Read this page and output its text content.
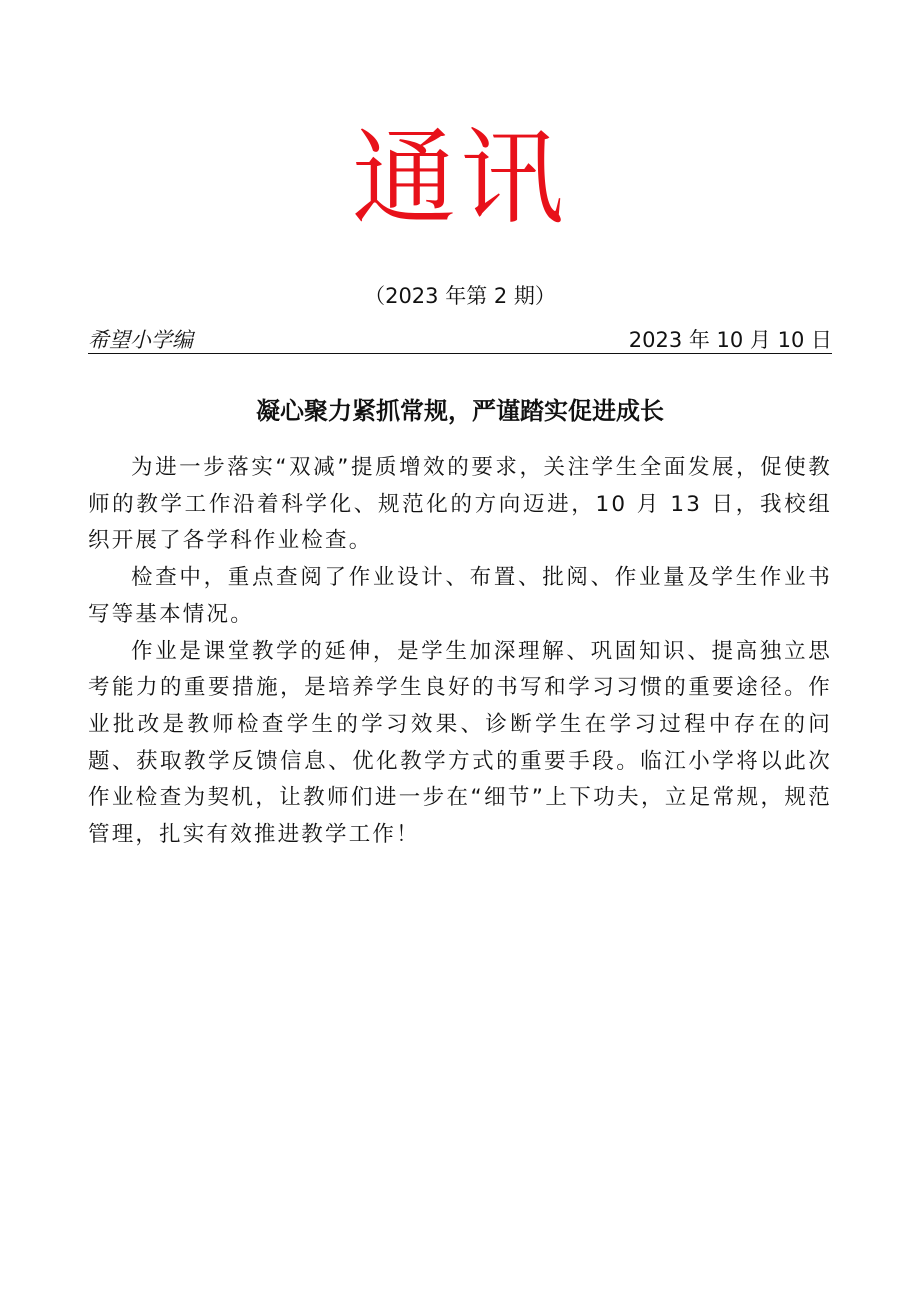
通讯
（2023 年第 2 期）
希望小学编	2023 年 10 月 10 日
凝心聚力紧抓常规，严谨踏实促进成长

为进一步落实“双减”提质增效的要求，关注学生全面发展，促使教师的教学工作沿着科学化、规范化的方向迈进，10 月 13 日，我校组织开展了各学科作业检查。

检查中，重点查阅了作业设计、布置、批阅、作业量及学生作业书写等基本情况。

作业是课堂教学的延伸，是学生加深理解、巩固知识、提高独立思考能力的重要措施，是培养学生良好的书写和学习习惯的重要途径。作业批改是教师检查学生的学习效果、诊断学生在学习过程中存在的问题、获取教学反馈信息、优化教学方式的重要手段。临江小学将以此次作业检查为契机，让教师们进一步在“细节”上下功夫，立足常规，规范管理，扎实有效推进教学工作！
